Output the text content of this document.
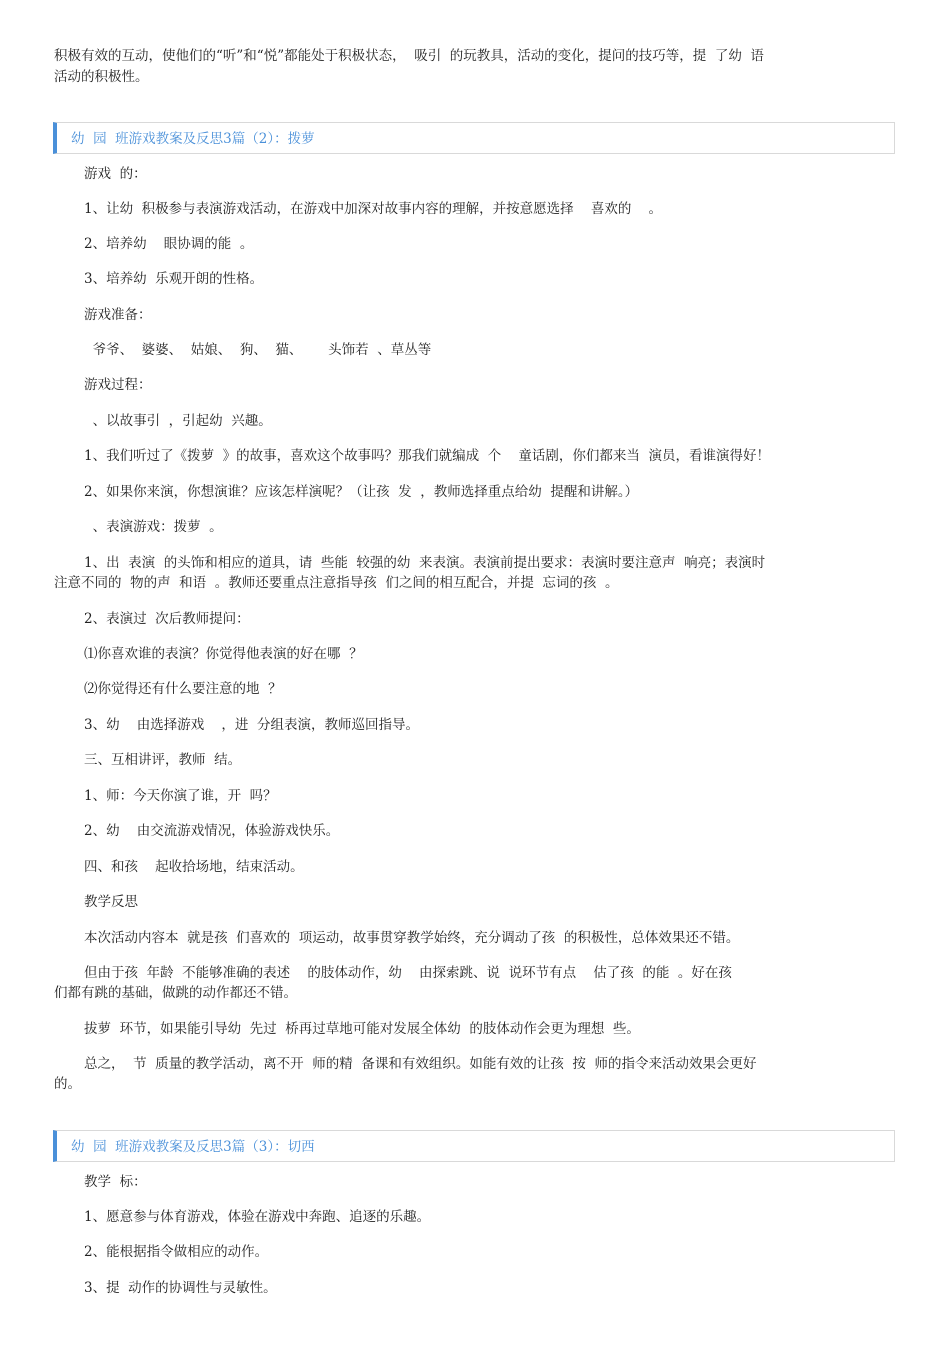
积极有效的互动，使他们的“听”和“悦”都能处于积极状态，  吸引  的玩教具，活动的变化，提问的技巧等，提  了幼  语

活动的积极性。

幼  园  班游戏教案及反思3篇（2）：拨萝

游戏  的：

1、让幼  积极参与表演游戏活动，在游戏中加深对故事内容的理解，并按意愿选择    喜欢的    。

2、培养幼    眼协调的能  。

3、培养幼  乐观开朗的性格。

游戏准备：

爷爷、  婆婆、  姑娘、  狗、  猫、      头饰若  、草丛等

游戏过程：

、以故事引  ，引起幼  兴趣。

1、我们听过了《拨萝  》的故事，喜欢这个故事吗？那我们就编成  个    童话剧，你们都来当  演员，看谁演得好！

2、如果你来演，你想演谁？应该怎样演呢？（让孩  发  ，教师选择重点给幼  提醒和讲解。）

、表演游戏：拨萝  。

1、出  表演  的头饰和相应的道具，请  些能  较强的幼  来表演。表演前提出要求：表演时要注意声  响亮；表演时

注意不同的  物的声  和语  。教师还要重点注意指导孩  们之间的相互配合，并提  忘词的孩  。

2、表演过  次后教师提问：

⑴你喜欢谁的表演？你觉得他表演的好在哪  ？

⑵你觉得还有什么要注意的地  ？

3、幼    由选择游戏    ，进  分组表演，教师巡回指导。

三、互相讲评，教师  结。

1、师：今天你演了谁，开  吗？

2、幼    由交流游戏情况，体验游戏快乐。

四、和孩    起收拾场地，结束活动。

教学反思

本次活动内容本  就是孩  们喜欢的  项运动，故事贯穿教学始终，充分调动了孩  的积极性，总体效果还不错。

但由于孩  年龄  不能够准确的表述    的肢体动作，幼    由探索跳、说  说环节有点    估了孩  的能  。好在孩

们都有跳的基础，做跳的动作都还不错。

拔萝  环节，如果能引导幼  先过  桥再过草地可能对发展全体幼  的肢体动作会更为理想  些。

总之，  节  质量的教学活动，离不开  师的精  备课和有效组织。如能有效的让孩  按  师的指令来活动效果会更好

的。

幼  园  班游戏教案及反思3篇（3）：切西

教学  标：

1、愿意参与体育游戏，体验在游戏中奔跑、追逐的乐趣。

2、能根据指令做相应的动作。

3、提  动作的协调性与灵敏性。
